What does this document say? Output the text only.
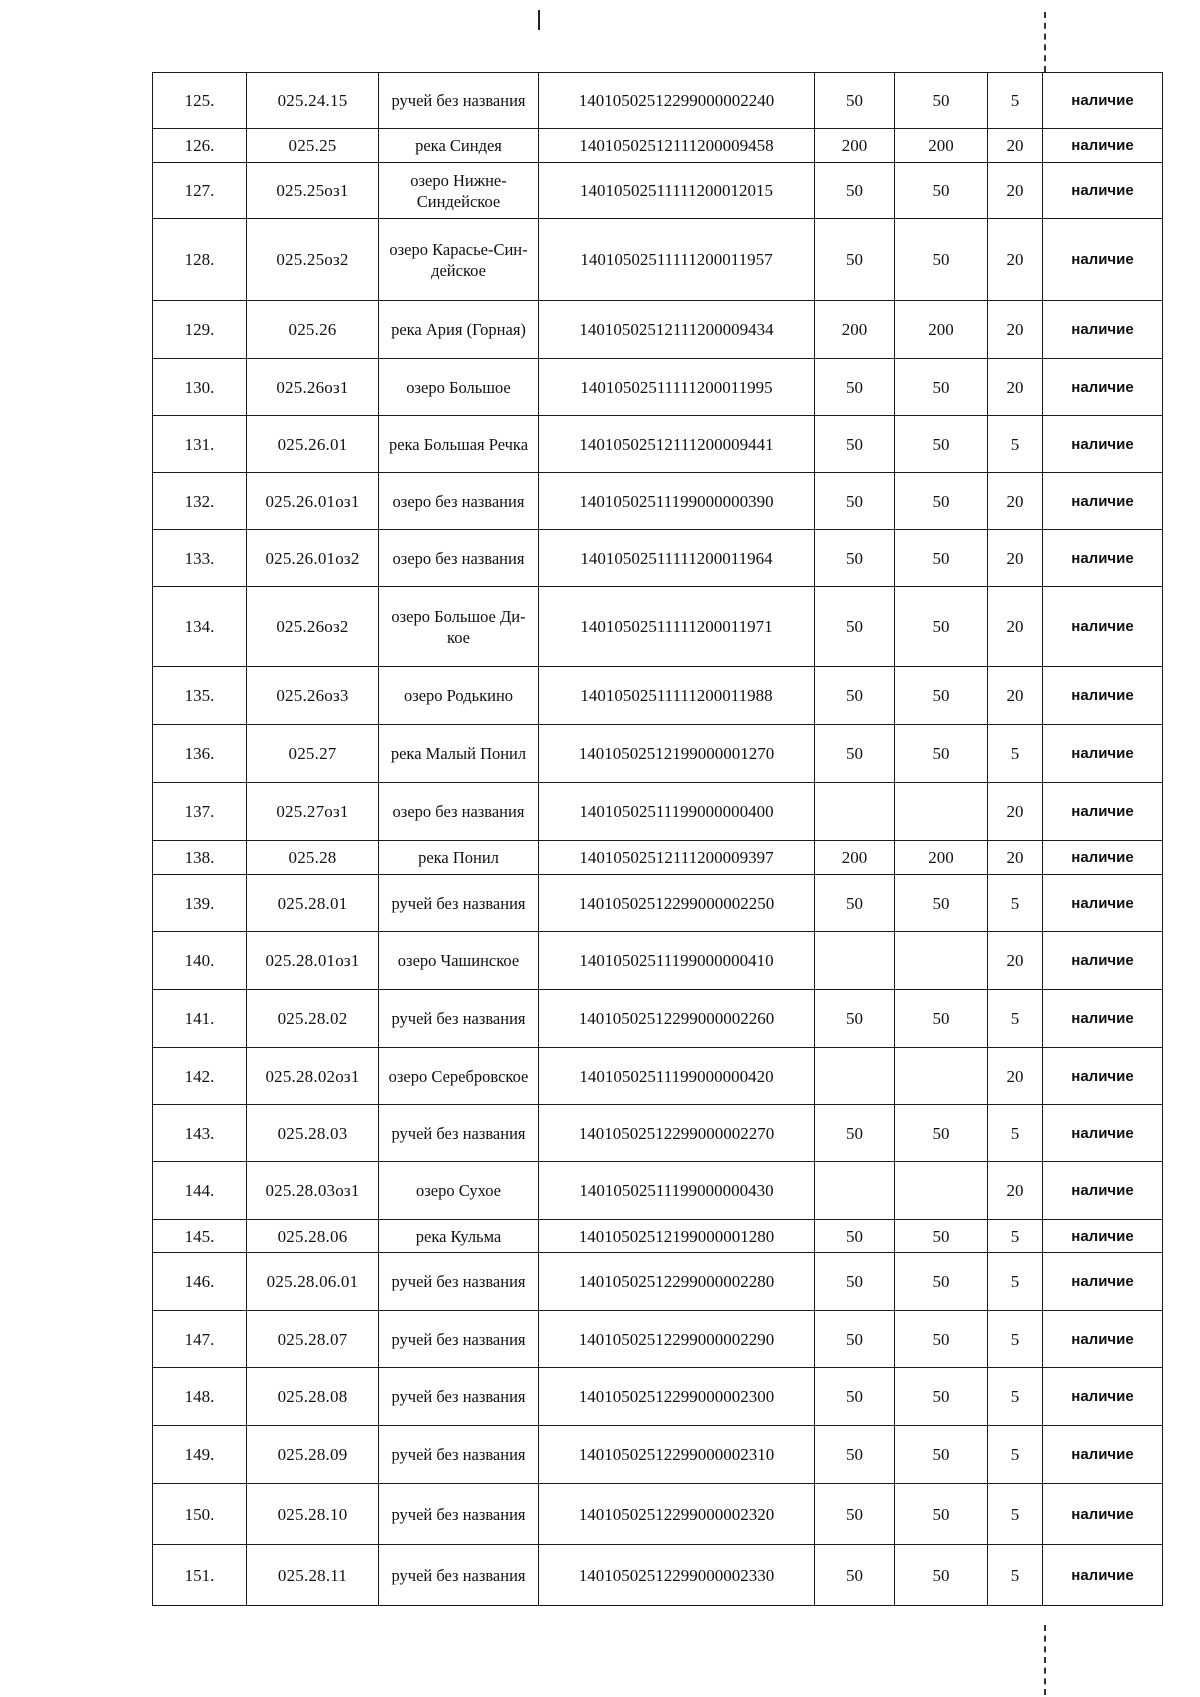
125.	025.24.15	ручей без названия	14010502512299000002240	50	50	5	наличие
126.	025.25	река Синдея	14010502512111200009458	200	200	20	наличие
127.	025.25оз1	озеро Нижне-Синдейское	14010502511111200012015	50	50	20	наличие
128.	025.25оз2	озеро Карасье-Син-дейское	14010502511111200011957	50	50	20	наличие
129.	025.26	река Ария (Горная)	14010502512111200009434	200	200	20	наличие
130.	025.26оз1	озеро Большое	14010502511111200011995	50	50	20	наличие
131.	025.26.01	река Большая Речка	14010502512111200009441	50	50	5	наличие
132.	025.26.01оз1	озеро без названия	14010502511199000000390	50	50	20	наличие
133.	025.26.01оз2	озеро без названия	14010502511111200011964	50	50	20	наличие
134.	025.26оз2	озеро Большое Ди-кое	14010502511111200011971	50	50	20	наличие
135.	025.26оз3	озеро Родькино	14010502511111200011988	50	50	20	наличие
136.	025.27	река Малый Понил	14010502512199000001270	50	50	5	наличие
137.	025.27оз1	озеро без названия	14010502511199000000400			20	наличие
138.	025.28	река Понил	14010502512111200009397	200	200	20	наличие
139.	025.28.01	ручей без названия	14010502512299000002250	50	50	5	наличие
140.	025.28.01оз1	озеро Чашинское	14010502511199000000410			20	наличие
141.	025.28.02	ручей без названия	14010502512299000002260	50	50	5	наличие
142.	025.28.02оз1	озеро Серебровское	14010502511199000000420			20	наличие
143.	025.28.03	ручей без названия	14010502512299000002270	50	50	5	наличие
144.	025.28.03оз1	озеро Сухое	14010502511199000000430			20	наличие
145.	025.28.06	река Кульма	14010502512199000001280	50	50	5	наличие
146.	025.28.06.01	ручей без названия	14010502512299000002280	50	50	5	наличие
147.	025.28.07	ручей без названия	14010502512299000002290	50	50	5	наличие
148.	025.28.08	ручей без названия	14010502512299000002300	50	50	5	наличие
149.	025.28.09	ручей без названия	14010502512299000002310	50	50	5	наличие
150.	025.28.10	ручей без названия	14010502512299000002320	50	50	5	наличие
151.	025.28.11	ручей без названия	14010502512299000002330	50	50	5	наличие
